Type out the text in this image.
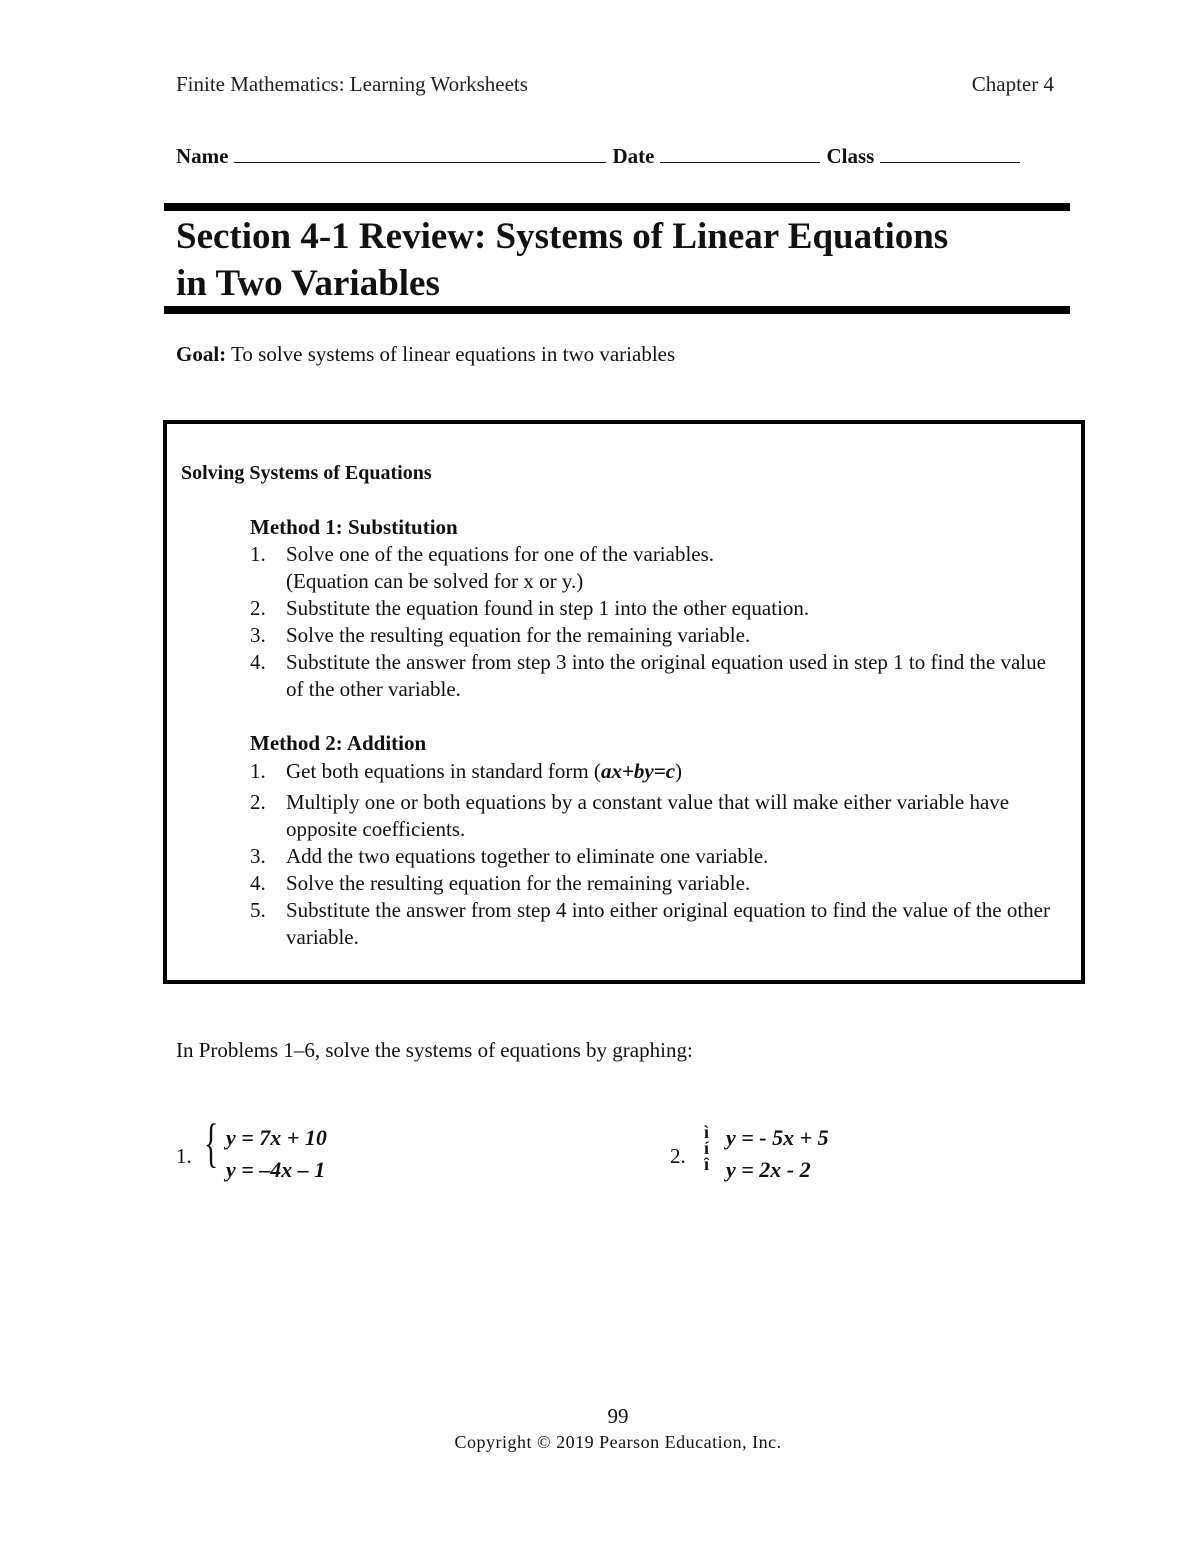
Finite Mathematics: Learning Worksheets	Chapter 4
Name	Date	Class
Section 4-1 Review: Systems of Linear Equations
in Two Variables
Goal: To solve systems of linear equations in two variables
Solving Systems of Equations
Method 1: Substitution
1. Solve one of the equations for one of the variables.
(Equation can be solved for x or y.)
2. Substitute the equation found in step 1 into the other equation.
3. Solve the resulting equation for the remaining variable.
4. Substitute the answer from step 3 into the original equation used in step 1 to find the value of the other variable.
Method 2: Addition
1. Get both equations in standard form (ax+by=c)
2. Multiply one or both equations by a constant value that will make either variable have opposite coefficients.
3. Add the two equations together to eliminate one variable.
4. Solve the resulting equation for the remaining variable.
5. Substitute the answer from step 4 into either original equation to find the value of the other variable.
In Problems 1–6, solve the systems of equations by graphing:
1. { y = 7x + 10
y = –4x – 1
2.
ì
í
î
y = - 5x + 5
y = 2x - 2
99
Copyright © 2019 Pearson Education, Inc.
